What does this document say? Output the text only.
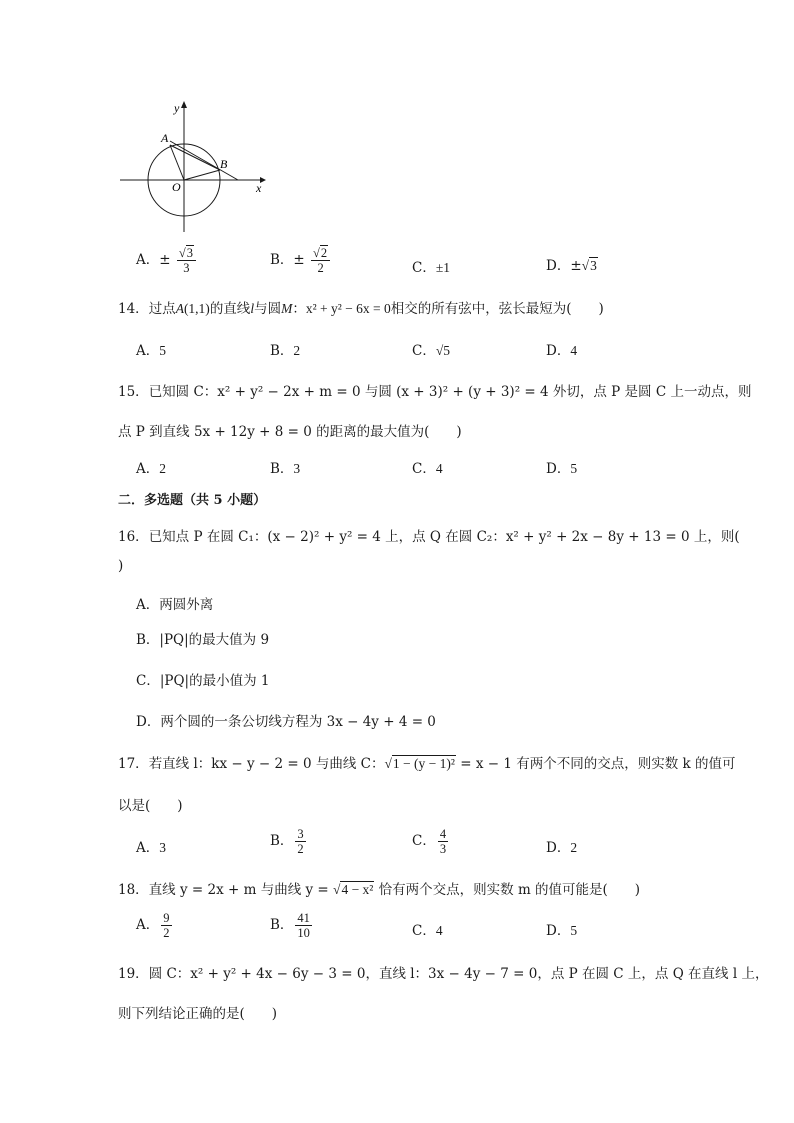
y
x
A
B
O
A．± $\frac{√3}{3}$	B．± $\frac{√2}{2}$	C．±1	D．±√3
14．过点A(1,1)的直线l与圆M：x² + y² − 6x = 0相交的所有弦中，弦长最短为(　　)
A．5	B．2	C．√5	D．4
15．已知圆 C：x² + y² − 2x + m = 0 与圆 (x + 3)² + (y + 3)² = 4 外切，点 P 是圆 C 上一动点，则
点 P 到直线 5x + 12y + 8 = 0 的距离的最大值为(　　)
A．2	B．3	C．4	D．5
二．多选题（共 5 小题）
16．已知点 P 在圆 C₁：(x − 2)² + y² = 4 上，点 Q 在圆 C₂：x² + y² + 2x − 8y + 13 = 0 上，则(
)
A．两圆外离
B．|PQ|的最大值为 9
C．|PQ|的最小值为 1
D．两个圆的一条公切线方程为 3x − 4y + 4 = 0
17．若直线 l：kx − y − 2 = 0 与曲线 C：√1 − (y − 1)² = x − 1 有两个不同的交点，则实数 k 的值可
以是(　　)
A．3	B． $\frac{3}{2}$	C． $\frac{4}{3}$	D．2
18．直线 y = 2x + m 与曲线 y = √4 − x² 恰有两个交点，则实数 m 的值可能是(　　)
A． $\frac{9}{2}$	B． $\frac{41}{10}$	C．4	D．5
19．圆 C：x² + y² + 4x − 6y − 3 = 0，直线 l：3x − 4y − 7 = 0，点 P 在圆 C 上，点 Q 在直线 l 上，
则下列结论正确的是(　　)
